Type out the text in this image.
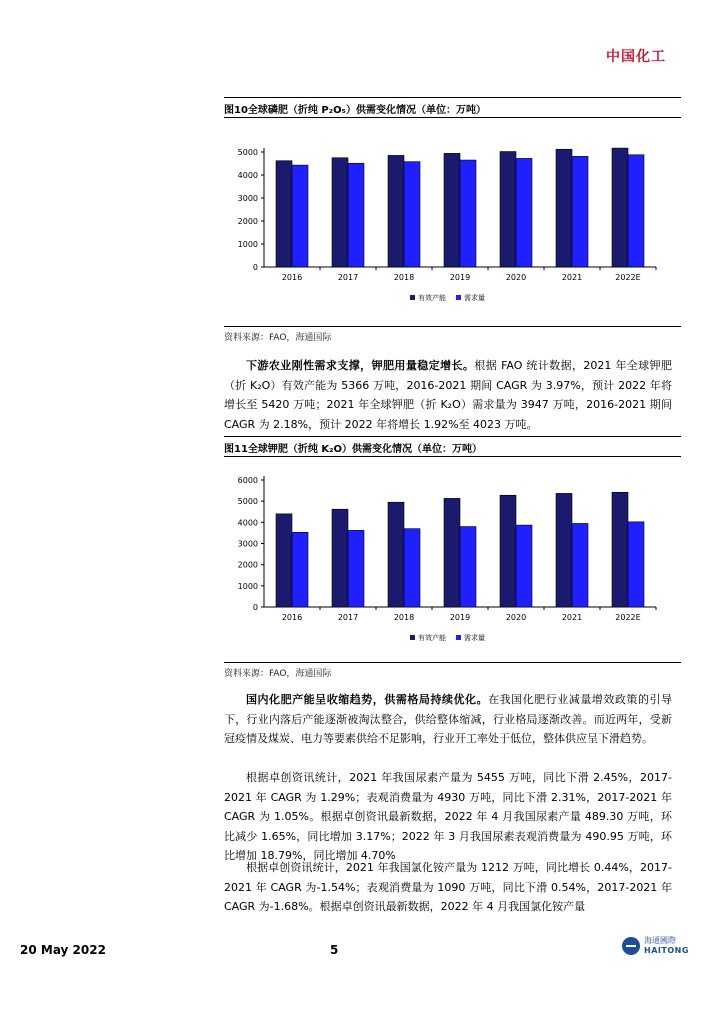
中国化工
图10全球磷肥（折纯 P₂O₅）供需变化情况（单位：万吨）
0
1000
2000
3000
4000
5000
2016	2017	2018	2019	2020	2021	2022E
有效产能	需求量
资料来源：FAO，海通国际
下游农业刚性需求支撑，钾肥用量稳定增长。根据 FAO 统计数据，2021 年全球钾肥（折 K₂O）有效产能为 5366 万吨，2016-2021 期间 CAGR 为 3.97%，预计 2022 年将增长至 5420 万吨；2021 年全球钾肥（折 K₂O）需求量为 3947 万吨，2016-2021 期间 CAGR 为 2.18%，预计 2022 年将增长 1.92%至 4023 万吨。
图11全球钾肥（折纯 K₂O）供需变化情况（单位：万吨）
0
1000
2000
3000
4000
5000
6000
2016	2017	2018	2019	2020	2021	2022E
有效产能	需求量
资料来源：FAO，海通国际
国内化肥产能呈收缩趋势，供需格局持续优化。在我国化肥行业减量增效政策的引导下，行业内落后产能逐渐被淘汰整合，供给整体缩减，行业格局逐渐改善。而近两年，受新冠疫情及煤炭、电力等要素供给不足影响，行业开工率处于低位，整体供应呈下滑趋势。
根据卓创资讯统计，2021 年我国尿素产量为 5455 万吨，同比下滑 2.45%，2017-2021 年 CAGR 为 1.29%；表观消费量为 4930 万吨，同比下滑 2.31%，2017-2021 年 CAGR 为 1.05%。根据卓创资讯最新数据，2022 年 4 月我国尿素产量 489.30 万吨，环比减少 1.65%，同比增加 3.17%；2022 年 3 月我国尿素表观消费量为 490.95 万吨，环比增加 18.79%，同比增加 4.70%
根据卓创资讯统计，2021 年我国氯化铵产量为 1212 万吨，同比增长 0.44%，2017-2021 年 CAGR 为-1.54%；表观消费量为 1090 万吨，同比下滑 0.54%，2017-2021 年 CAGR 为-1.68%。根据卓创资讯最新数据，2022 年 4 月我国氯化铵产量
20 May 2022	5
海通國際
HAITONG
